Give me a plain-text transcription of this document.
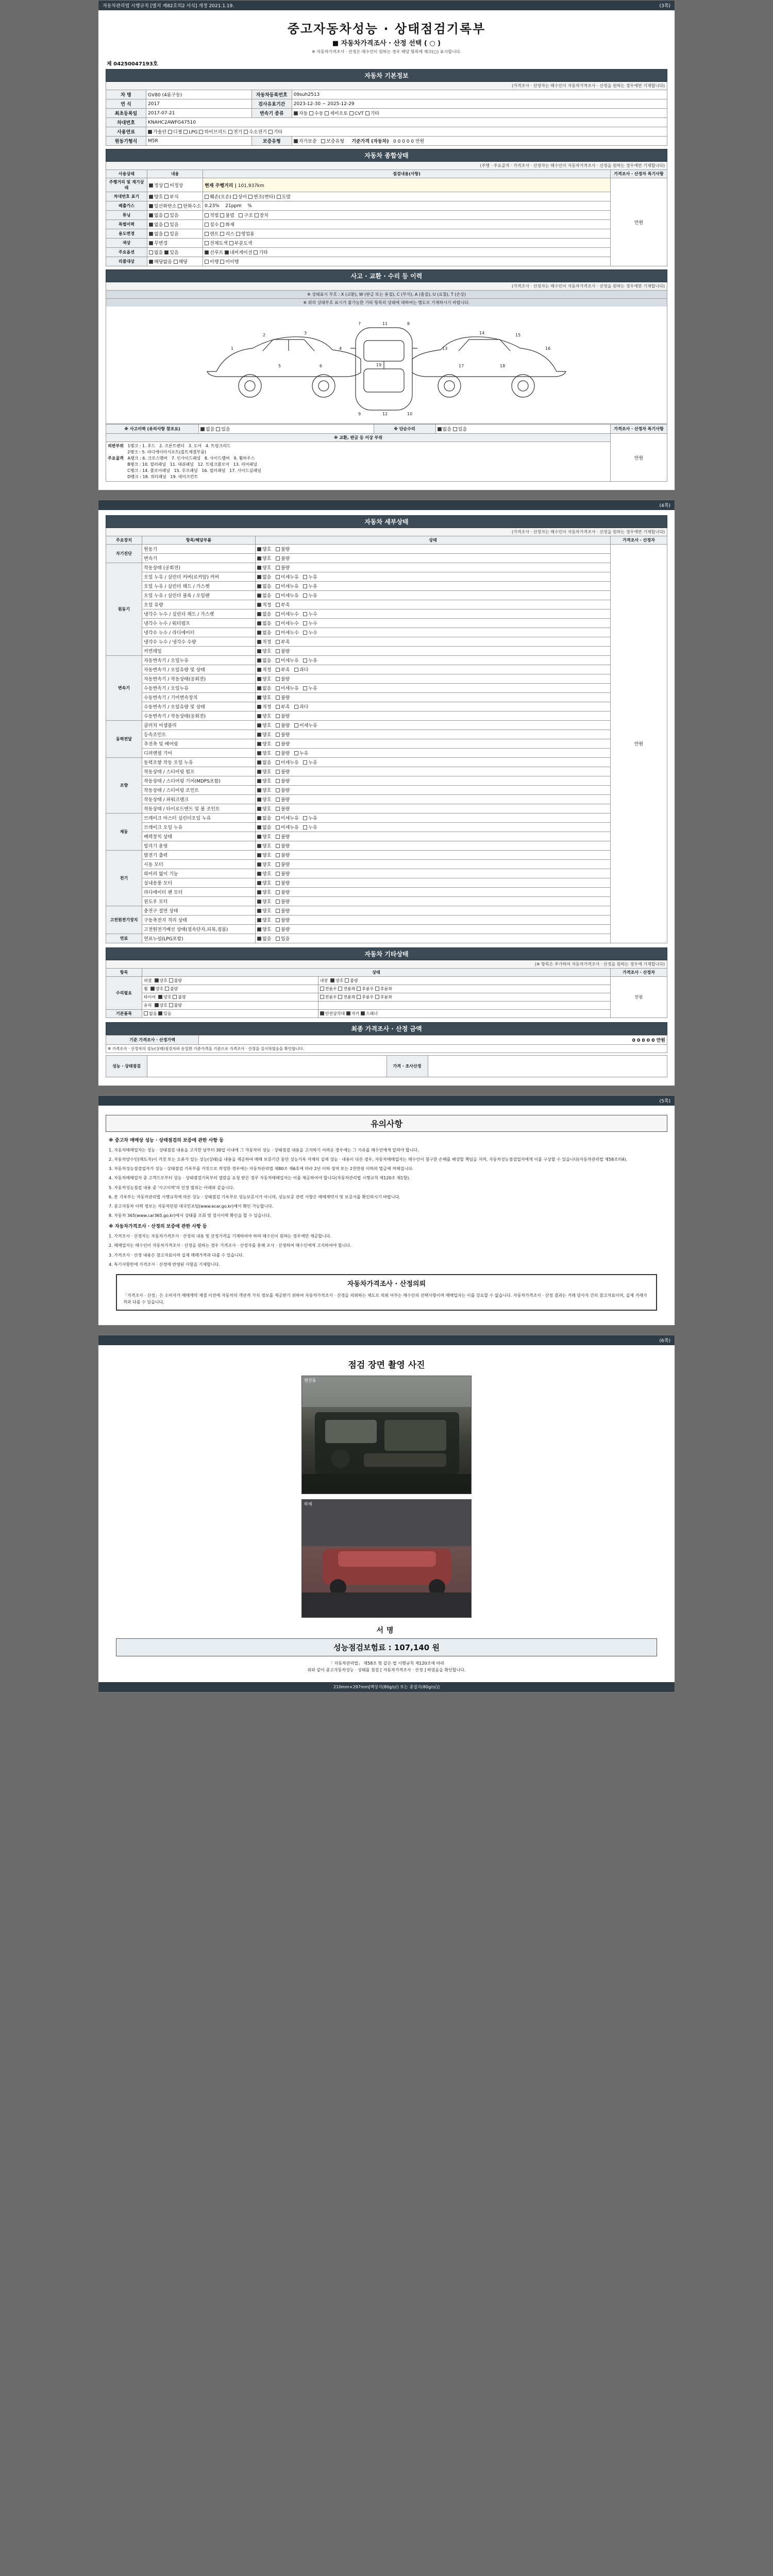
자동차관리법 시행규칙 [별지 제82호의2 서식] 개정 2021.1.19.	(3쪽)
중고자동차성능 · 상태점검기록부
■ 자동차가격조사 · 산정 선택 ( ○ )
※ 자동차가격조사 · 산정은 매수인이 원하는 경우 해당 항목에 체크(○) 표시합니다.
제 04250047193호
자동차 기본정보
(가격조사 · 산정자는 매수인이 자동차가격조사 · 산정을 원하는 경우에만 기재합니다)
차 명	GV80 (4륜구동)	자동차등록번호	09suh2513
연 식	2017	검사유효기간	2023-12-30 ~ 2025-12-29
최초등록일	2017-07-21	변속기 종류	자동 수동 세미오토 CVT 기타
차대번호	KNAHC2AWFG47510		
사용연료	가솔린 디젤 LPG 하이브리드 전기 수소전기 기타		
원동기형식	M5R	보증유형	자가보증   보증유형     기준가격 (자동차) 0 0 0 0 0 만원
자동차 종합상태
(주행 · 주요골격 · 가격조사 · 산정자는 매수인이 자동차가격조사 · 산정을 원하는 경우에만 기재합니다)
사용상태	내용	점검내용(사항)	가격조사 · 산정자 특기사항
주행거리 및 계기상태	정상 비정상	현재 주행거리 | 101,937km	만원
차대번호 표기	양호 부식	훼손(오손) 상이 변조(변타) 도말	
배출가스	일산화탄소 탄화수소	0.23%    21ppm    %	
튜닝	없음 있음	적법 불법   구조 장치	
특별이력	없음 있음	침수 화재	
용도변경	없음 있음	렌트 리스 영업용	
색상	무변경	전체도색 부분도색	
주요옵션	없음 있음	선루프 내비게이션 기타	
리콜대상	해당없음 해당	이행 미이행	
사고 · 교환 · 수리 등 이력
(가격조사 · 산정자는 매수인이 자동차가격조사 · 산정을 원하는 경우에만 기재합니다)
※ 상태표시 부호 : X (교환), W (판금 또는 용접), C (부식), A (홈집), U (요철), T (손상)
※ 위의 상태부호 표시가 불가능한 기타 항목의 상태에 대하여는 별도로 기재하시기 바랍니다.
1
2	3
4
5	6
7	8
9	10
11
12
13
14	15
16
17	18
19
※ 사고이력 (유의사항 참조요)	없음 있음	※ 단순수리	없음 있음	가격조사 · 산정자 특기사항
※ 교환, 판금 등 이상 부위				만원
외판부위   1랭크 : 1. 후드   2. 프론트펜더   3. 도어   4. 트렁크리드
2랭크 : 5. 라디에이터서포트(볼트체결부품)
주요골격   A랭크 : 6. 크로스멤버   7. 인사이드패널   8. 사이드멤버   9. 휠하우스
B랭크 : 10. 필러패널   11. 대쉬패널   12. 트렁크플로어   13. 리어패널
C랭크 : 14. 플로어패널   15. 루프패널   16. 필러패널   17. 사이드실패널
D랭크 : 18. 쿼터패널   19. 데이프런트
(4쪽)
자동차 세부상태
(가격조사 · 산정자는 매수인이 자동차가격조사 · 산정을 원하는 경우에만 기재합니다)
주요장치	항목/해당부품	상태	가격조사 · 산정자
자기진단	원동기	양호   불량	만원
	변속기	양호   불량	
원동기	작동상태 (공회전)	양호   불량	
	오일 누유 / 실린더 커버(로커암) 커버	없음   미세누유   누유	
	오일 누유 / 실린더 헤드 / 가스켓	없음   미세누유   누유	
	오일 누유 / 실린더 블록 / 오일팬	없음   미세누유   누유	
	오일 유량	적정   부족	
	냉각수 누수 / 실린더 헤드 / 가스켓	없음   미세누수   누수	
	냉각수 누수 / 워터펌프	없음   미세누수   누수	
	냉각수 누수 / 라디에이터	없음   미세누수   누수	
	냉각수 누수 / 냉각수 수량	적정   부족	
	커먼레일	양호   불량	
변속기	자동변속기 / 오일누유	없음   미세누유   누유	
	자동변속기 / 오일유량 및 상태	적정   부족   과다	
	자동변속기 / 작동상태(공회전)	양호   불량	
	수동변속기 / 오일누유	없음   미세누유   누유	
	수동변속기 / 기어변속장치	양호   불량	
	수동변속기 / 오일유량 및 상태	적정   부족   과다	
	수동변속기 / 작동상태(공회전)	양호   불량	
동력전달	클러치 어셈블리	양호   불량   미세누유	
	등속조인트	양호   불량	
	추진축 및 베어링	양호   불량	
	디퍼렌셜 기어	양호   불량   누유	
조향	동력조향 작동 오일 누유	없음   미세누유   누유	
	작동상태 / 스티어링 펌프	양호   불량	
	작동상태 / 스티어링 기어(MDPS포함)	양호   불량	
	작동상태 / 스티어링 조인트	양호   불량	
	작동상태 / 파워크랭크	양호   불량	
	작동상태 / 타이로드엔드 및 볼 조인트	양호   불량	
제동	브레이크 마스터 실린더오일 누유	없음   미세누유   누유	
	브레이크 오일 누유	없음   미세누유   누유	
	배력장치 상태	양호   불량	
	빌리기 윤핑	양호   불량	
전기	발전기 출력	양호   불량	
	시동 모터	양호   불량	
	와이퍼 없이 기능	양호   불량	
	실내송풍 모터	양호   불량	
	라디에이터 팬 모터	양호   불량	
	윈도우 모터	양호   불량	
고전원전기장치	충전구 절연 상태	양호   불량	
	구동축전지 격리 상태	양호   불량	
	고전원전기배선 상태(접속단자,피복,접물)	양호   불량	
연료	연료누설(LPG포함)	없음   있음	
자동차 기타상태
(※ 항목은 추가하여 자동차가격조사 · 산정을 원하는 경우에 기재합니다)
항목	상태		가격조사 · 산정자
수리필요	외장  양호 불량	내장  양호 불량	만원
	휠  양호 불량	전륜우 전륜좌 후륜우 후륜좌	
	타이어  양호 불량	전륜우 전륜좌 후륜우 후륜좌	
	유리  양호 불량		
기본품목	없음 있음	안전삼각대 자키 스패너	
최종 가격조사 · 산정 금액
기준 가격조사 · 산정가액	0 0 0 0 0 만원
※ 가격조사 · 산정자의 성능(상태)점검자와 동일한 기준가격을 기준으로 가격조사 · 산정을 실시하였음을 확인합니다.
성능 · 상태점검		가격 · 조사산정	
(5쪽)
유의사항
※ 중고차 매매상 성능 · 상태점검의 보증에 관한 사항 등

1. 자동차매매업자는 성능 · 상태점검 내용을 고지한 날부터 30일 이내에 그 자동차의 성능 · 상태점검 내용을 고지하기 어려운 경우에는 그 사유를 매수인에게 알려야 합니다.

2. 자동차양수인(매도자)이 거짓 또는 오류가 있는 성능(상태)을 내용을 제공하여 매매 보증기간 동안 성능기록 자체의 실제 성능 · 내용이 다른 경우, 자동차매매업자는 매수인이 청구한 손해를 배상할 책임을 지며, 자동차성능점검업자에게 이를 구상할 수 있습니다(자동차관리법 제58조의4).

3. 자동차성능점검업자가 성능 · 상태점검 기록부를 거짓으로 작성한 경우에는 자동차관리법 제80조 제6호에 따라 2년 이하 징역 또는 2천만원 이하의 벌금에 처해집니다.

4. 자동차매매업자 중 고객으로부터 성능 · 상태점검기록부의 열람을 요청 받은 경우 자동차매매업자는 이를 제공하여야 합니다(자동차관리법 시행규칙 제120조 제1항).

5. 자동차성능점검 내용 중 '사고이력'의 인정 범위는 아래와 같습니다.

6. 본 기록부는 자동차관리법 시행규칙에 따른 성능 · 상태점검 기록부로 성능보증서가 아니며, 성능보증 관련 사항은 매매계약서 및 보증서를 확인하시기 바랍니다.

7. 중고자동차 이력 정보는 자동차민원 대국민포털(www.ecar.go.kr)에서 확인 가능합니다.

8. 자동차 365(www.car365.go.kr)에서 상태를 조회 및 검사이력 확인을 할 수 있습니다.

※ 자동차가격조사 · 산정의 보증에 관한 사항 등

1. 가격조사 · 산정자는 자동차가격조사 · 산정의 내용 및 산정가격을 기재하여야 하며 매수인이 원하는 경우에만 제공합니다.

2. 매매업자는 매수인이 자동차가격조사 · 산정을 원하는 경우 가격조사 · 산정자를 통해 조사 · 산정하여 매수인에게 고지하여야 합니다.

3. 가격조사 · 산정 내용은 참고자료이며 실제 매매가격과 다를 수 있습니다.

4. 특기사항란에 가격조사 · 산정에 반영된 사항을 기재합니다.

자동차가격조사 · 산정의뢰
「가격조사 · 산정」은 소비자가 매매계약 체결 이전에 자동차의 객관적 가치 정보를 제공받기 위하여 자동차가격조사 · 산정을 의뢰하는 제도로 의뢰 여부는 매수인의 선택사항이며 매매업자는 이를 강요할 수 없습니다. 자동차가격조사 · 산정 결과는 거래 당사자 간의 참고자료이며, 실제 거래가격과 다를 수 있습니다.
(6쪽)
점검 장면 촬영 사진
엔진룸
하체
서명
성능점검보험료 : 107,140 원
「 자동차관리법」 제58조 및 같은 법 시행규칙 제120조에 따라
위와 같이 중고자동차성능 · 상태를 점검 [ 자동차가격조사 · 산정 ] 하였음을 확인합니다.
210mm×297mm[백상지(80g/㎡) 또는 중질지(80g/㎡)]
